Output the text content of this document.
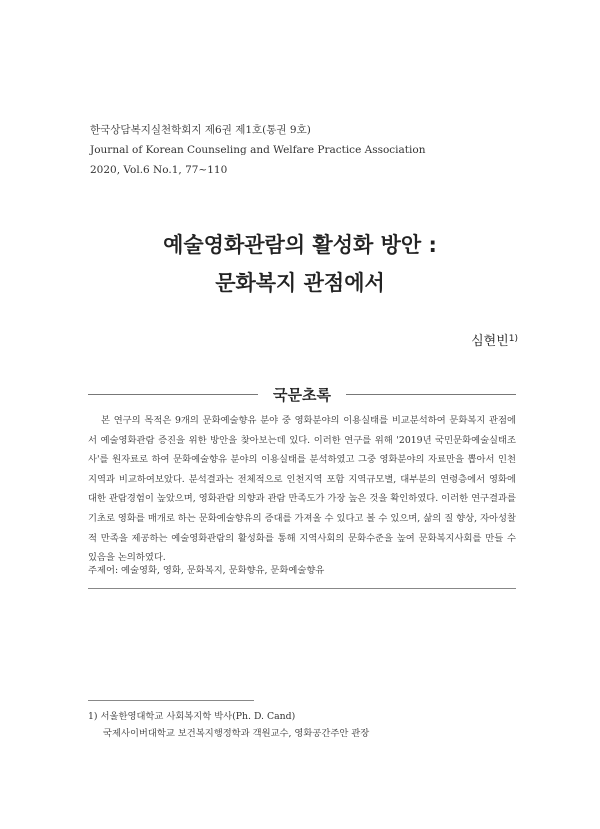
한국상담복지실천학회지 제6권 제1호(통권 9호)
Journal of Korean Counseling and Welfare Practice Association
2020, Vol.6 No.1, 77~110
예술영화관람의 활성화 방안 :
문화복지 관점에서
심현빈$^{1)}$
국문초록

본 연구의 목적은 9개의 문화예술향유 분야 중 영화분야의 이용실태를 비교분석하여 문화복지 관점에서 예술영화관람 증진을 위한 방안을 찾아보는데 있다. 이러한 연구를 위해 '2019년 국민문화예술실태조사'를 원자료로 하여 문화예술향유 분야의 이용실태를 분석하였고 그중 영화분야의 자료만을 뽑아서 인천지역과 비교하여보았다. 분석결과는 전체적으로 인천지역 포함 지역규모별, 대부분의 연령층에서 영화에 대한 관람경험이 높았으며, 영화관람 의향과 관람 만족도가 가장 높은 것을 확인하였다. 이러한 연구결과를 기초로 영화를 매개로 하는 문화예술향유의 증대를 가져올 수 있다고 볼 수 있으며, 삶의 질 향상, 자아성찰적 만족을 제공하는 예술영화관람의 활성화를 통해 지역사회의 문화수준을 높여 문화복지사회를 만들 수 있음을 논의하였다.

주제어: 예술영화, 영화, 문화복지, 문화향유, 문화예술향유
1) 서울한영대학교 사회복지학 박사(Ph. D. Cand)
국제사이버대학교 보건복지행정학과 객원교수, 영화공간주안 관장
